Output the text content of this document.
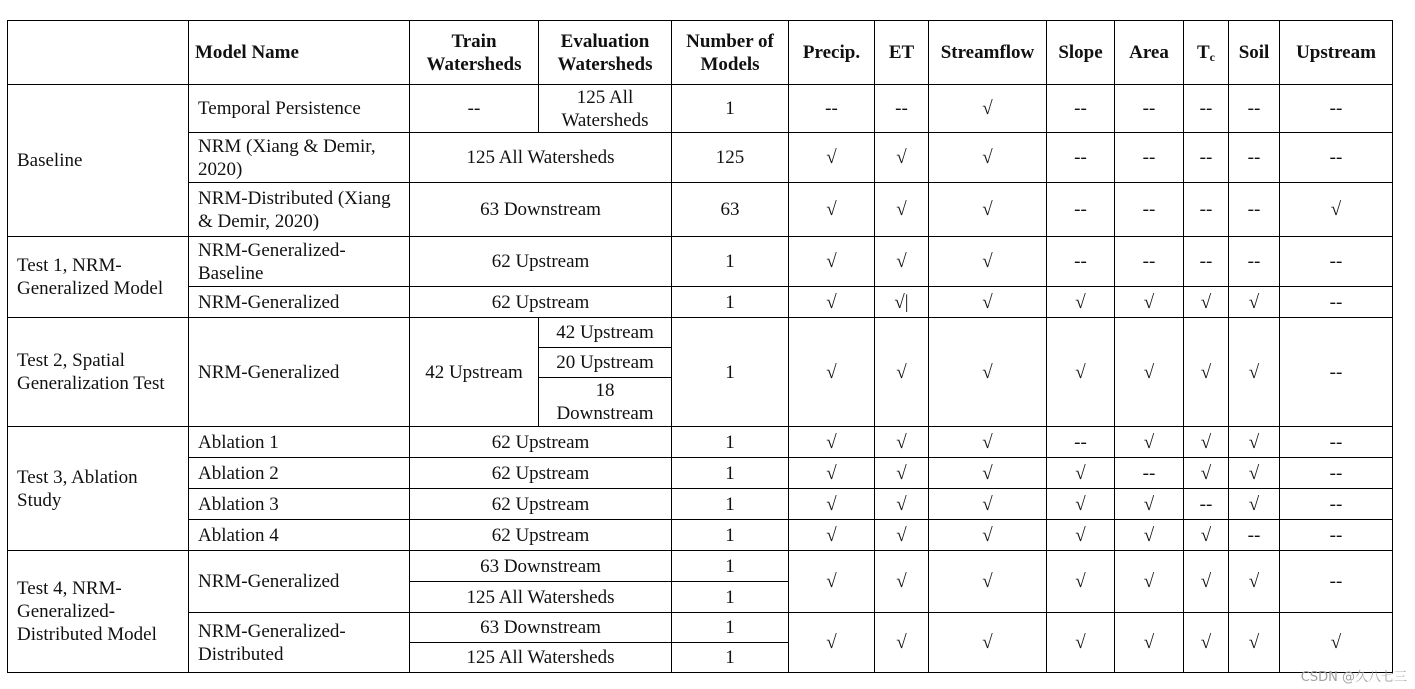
	Model Name	Train Watersheds	Evaluation Watersheds	Number of Models	Precip.	ET	Streamflow	Slope	Area	$T_c$	Soil	Upstream
Baseline	Temporal Persistence	--	125 All Watersheds	1	--	--	√	--	--	--	--	--
	NRM (Xiang & Demir, 2020)	125 All Watersheds		125	√	√	√	--	--	--	--	--
	NRM-Distributed (Xiang & Demir, 2020)	63 Downstream		63	√	√	√	--	--	--	--	√
Test 1, NRM-Generalized Model	NRM-Generalized-Baseline	62 Upstream		1	√	√	√	--	--	--	--	--
	NRM-Generalized	62 Upstream		1	√	√|	√	√	√	√	√	--
Test 2, Spatial Generalization Test	NRM-Generalized	42 Upstream	42 Upstream	1	√	√	√	√	√	√	√	--
			20 Upstream									
			18 Downstream									
Test 3, Ablation Study	Ablation 1	62 Upstream		1	√	√	√	--	√	√	√	--
	Ablation 2	62 Upstream		1	√	√	√	√	--	√	√	--
	Ablation 3	62 Upstream		1	√	√	√	√	√	--	√	--
	Ablation 4	62 Upstream		1	√	√	√	√	√	√	--	--
Test 4, NRM-Generalized-Distributed Model	NRM-Generalized	63 Downstream		1	√	√	√	√	√	√	√	--
		125 All Watersheds		1								
	NRM-Generalized-Distributed	63 Downstream		1	√	√	√	√	√	√	√	√
		125 All Watersheds		1								
CSDN @久八七三
